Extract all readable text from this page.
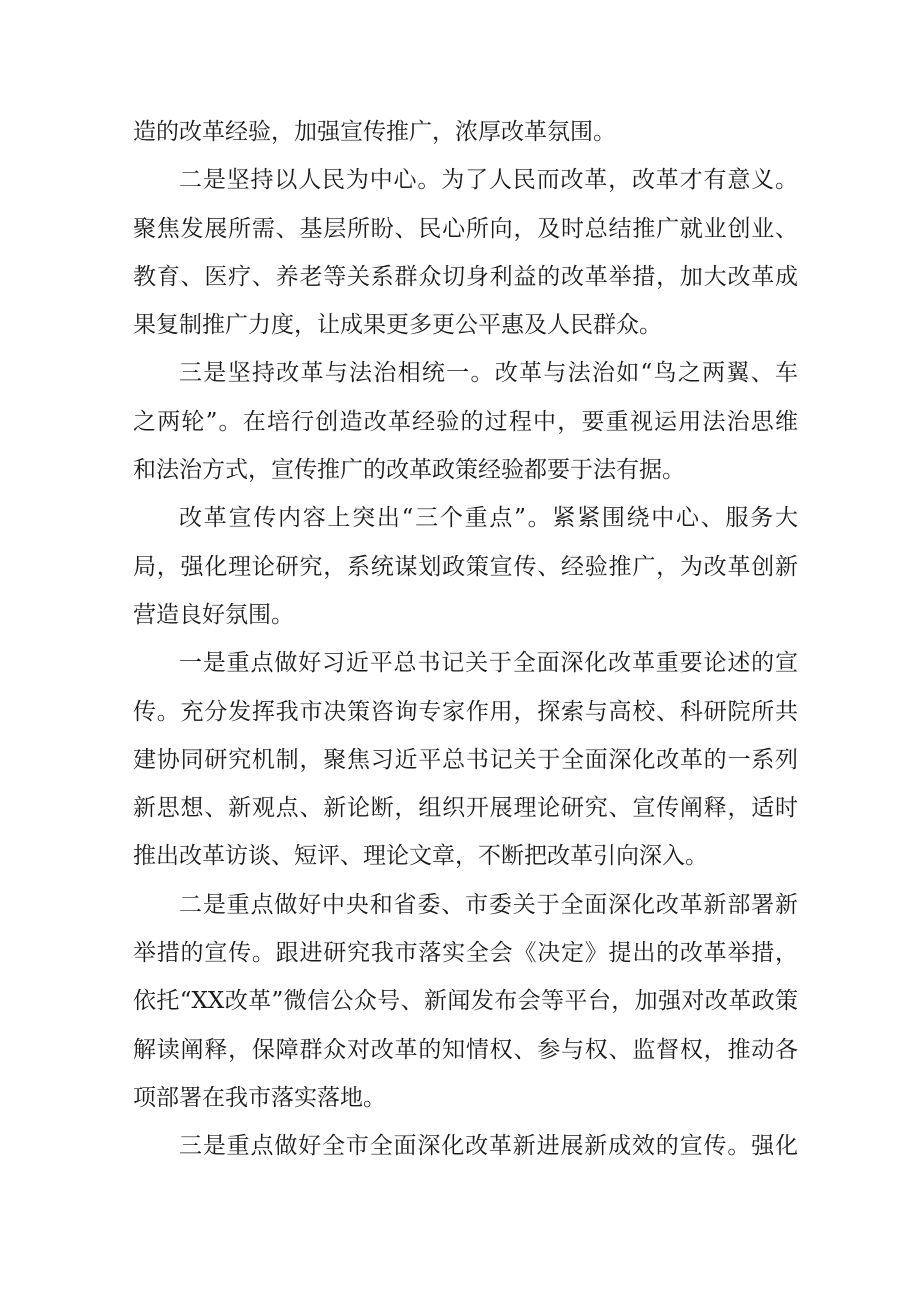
造的改革经验，加强宣传推广，浓厚改革氛围。
二是坚持以人民为中心。为了人民而改革，改革才有意义。
聚焦发展所需、基层所盼、民心所向，及时总结推广就业创业、
教育、医疗、养老等关系群众切身利益的改革举措，加大改革成
果复制推广力度，让成果更多更公平惠及人民群众。
三是坚持改革与法治相统一。改革与法治如“鸟之两翼、车
之两轮”。在培行创造改革经验的过程中，要重视运用法治思维
和法治方式，宣传推广的改革政策经验都要于法有据。
改革宣传内容上突出“三个重点”。紧紧围绕中心、服务大
局，强化理论研究，系统谋划政策宣传、经验推广，为改革创新
营造良好氛围。
一是重点做好习近平总书记关于全面深化改革重要论述的宣
传。充分发挥我市决策咨询专家作用，探索与高校、科研院所共
建协同研究机制，聚焦习近平总书记关于全面深化改革的一系列
新思想、新观点、新论断，组织开展理论研究、宣传阐释，适时
推出改革访谈、短评、理论文章，不断把改革引向深入。
二是重点做好中央和省委、市委关于全面深化改革新部署新
举措的宣传。跟进研究我市落实全会《决定》提出的改革举措，
依托“XX改革”微信公众号、新闻发布会等平台，加强对改革政策
解读阐释，保障群众对改革的知情权、参与权、监督权，推动各
项部署在我市落实落地。
三是重点做好全市全面深化改革新进展新成效的宣传。强化
